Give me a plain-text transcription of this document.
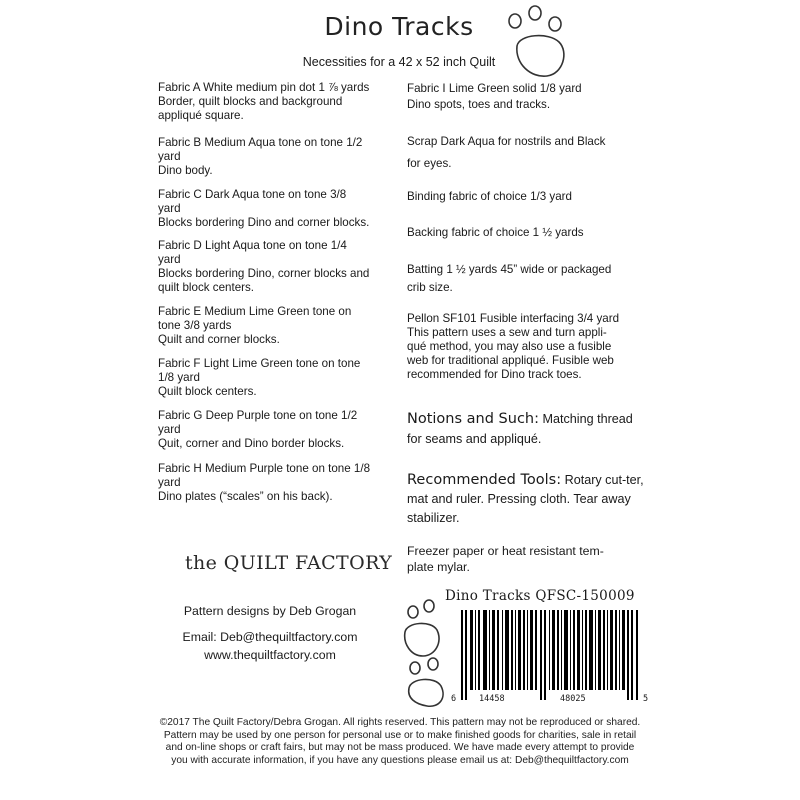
Dino Tracks
Necessities for a 42 x 52 inch Quilt
Fabric A White medium pin dot 1 ⅞ yards
Border, quilt blocks and background
appliqué square.
Fabric B Medium Aqua tone on tone 1/2
yard
Dino body.
Fabric C Dark Aqua tone on tone 3/8
yard
Blocks bordering Dino and corner blocks.
Fabric D Light Aqua tone on tone 1/4
yard
Blocks bordering Dino, corner blocks and
quilt block centers.
Fabric E Medium Lime Green tone on
tone 3/8 yards
Quilt and corner blocks.
Fabric F Light Lime Green tone on tone
1/8 yard
Quilt block centers.
Fabric G Deep Purple tone on tone 1/2
yard
Quit, corner and Dino border blocks.
Fabric H Medium Purple tone on tone 1/8
yard
Dino plates (“scales” on his back).
Fabric I Lime Green solid 1/8 yard
Dino spots, toes and tracks.
Scrap Dark Aqua for nostrils and Black
for eyes.
Binding fabric of choice 1/3 yard
Backing fabric of choice 1 ½ yards
Batting 1 ½ yards 45” wide or packaged
crib size.
Pellon SF101 Fusible interfacing 3/4 yard
This pattern uses a sew and turn appli-
qué method, you may also use a fusible
web for traditional appliqué. Fusible web
recommended for Dino track toes.
Notions and Such: Matching thread for seams and appliqué.
Recommended Tools: Rotary cut-ter, mat and ruler. Pressing cloth. Tear away stabilizer.
Freezer paper or heat resistant tem-
plate mylar.
the QUILT FACTORY
Pattern designs by Deb Grogan
Email: Deb@thequiltfactory.com
www.thequiltfactory.com
Dino Tracks QFSC-150009
6	14458	48025	5
©2017 The Quilt Factory/Debra Grogan. All rights reserved. This pattern may not be reproduced or shared. Pattern may be used by one person for personal use or to make finished goods for charities, sale in retail and on-line shops or craft fairs, but may not be mass produced. We have made every attempt to provide you with accurate information, if you have any questions please email us at: Deb@thequiltfactory.com
